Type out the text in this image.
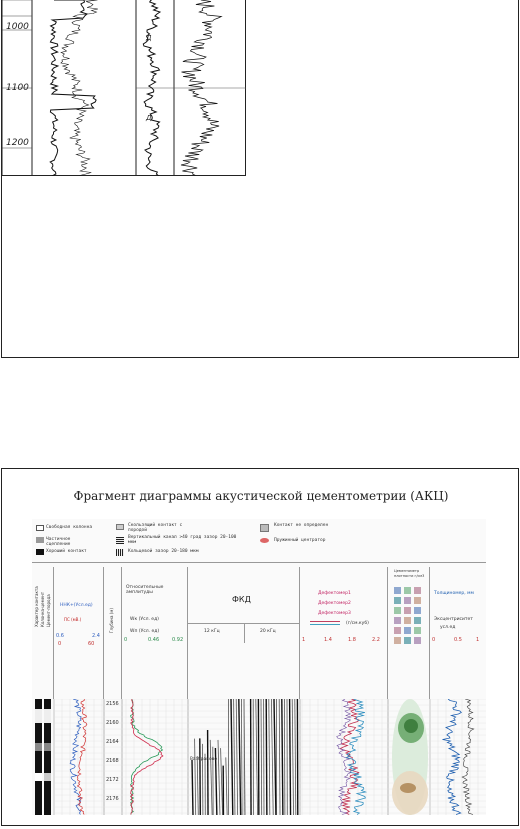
1000
1100
1200
Д
Д
Фрагмент диаграммы акустической цементометрии (АКЦ)
Свободная колонна
Частичное сцепление
Хороший контакт
Скользящий контакт с породой
Вертикальный канал >40 град зазор 20-100 мкм
Кольцевой зазор 20-180 мкм
Контакт не определен
Пружинный центратор
Характер контакта Колонна-цемент Цемент-порода ННК+(Усл.ед)
ПС (мВ.)
0.6	2.4
0	60
Глубина (м)
Относительные амплитуды
Wк (Усл. ед)
Wп (Усл. ед)
0	0.46	0.92
ФКД
12 кГц	20 кГц
Дефектомер1
Дефектомер2
Дефектомер3
(г/см.куб)
1	1.4	1.8	2.2
Цементометр плотности г/см3
Толщиномер, мм
Эксцентриситет
усл.ед
0	0.5	1
2156
2160
2164
2168
2172
2176
Разбраково
